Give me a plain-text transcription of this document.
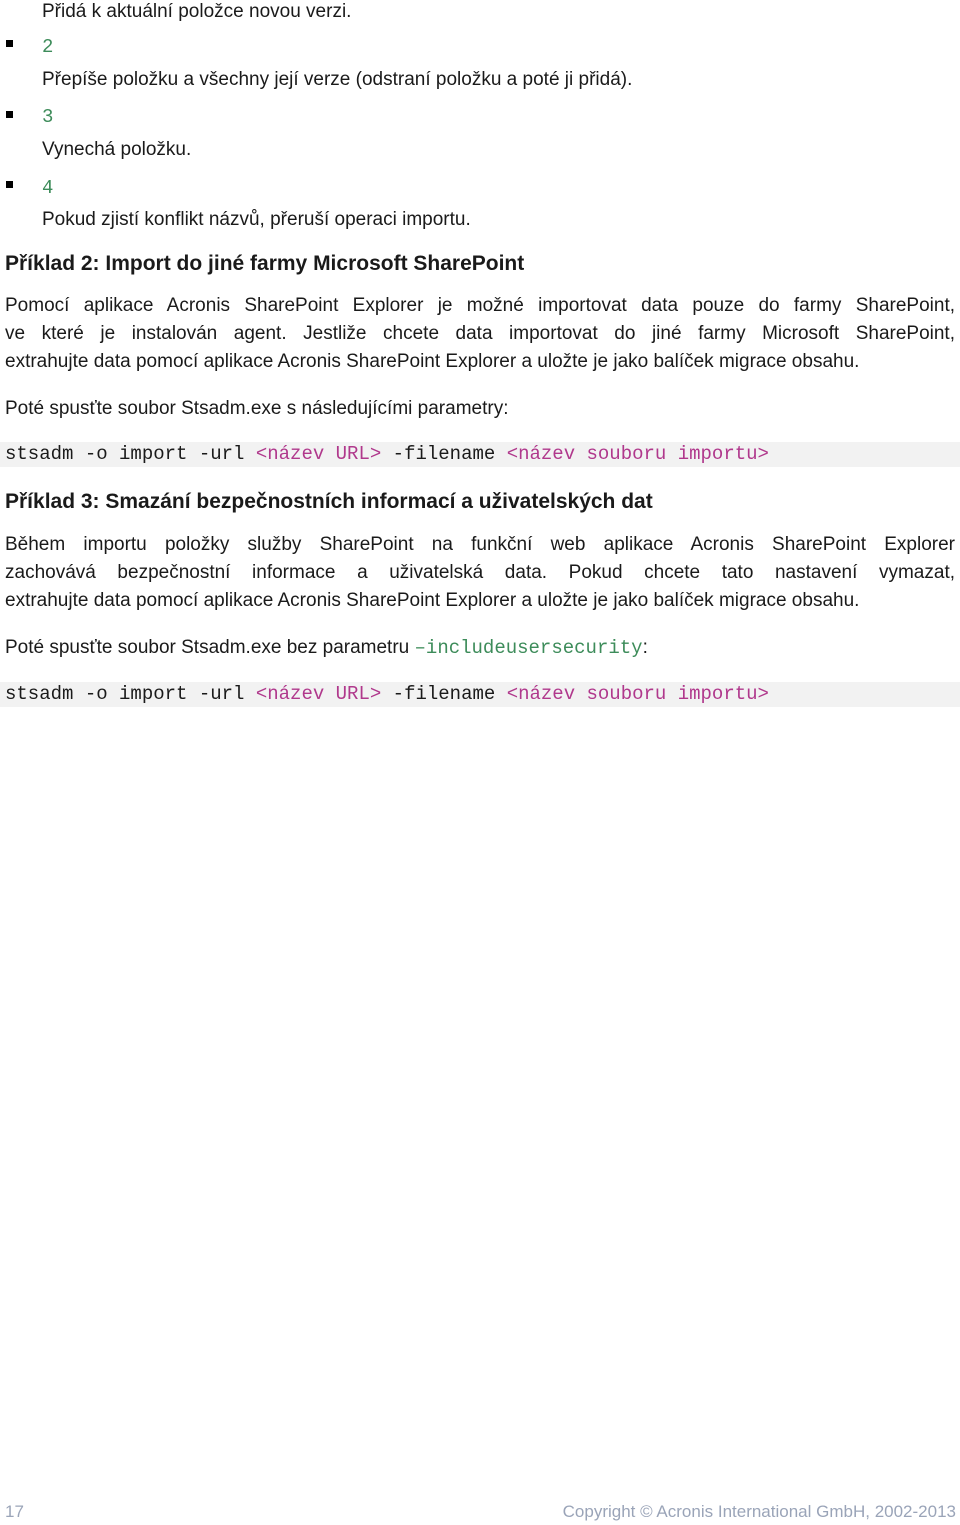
Přidá k aktuální položce novou verzi.
2
Přepíše položku a všechny její verze (odstraní položku a poté ji přidá).
3
Vynechá položku.
4
Pokud zjistí konflikt názvů, přeruší operaci importu.
Příklad 2: Import do jiné farmy Microsoft SharePoint
Pomocí aplikace Acronis SharePoint Explorer je možné importovat data pouze do farmy SharePoint,
ve které je instalován agent. Jestliže chcete data importovat do jiné farmy Microsoft SharePoint,
extrahujte data pomocí aplikace Acronis SharePoint Explorer a uložte je jako balíček migrace obsahu.
Poté spusťte soubor Stsadm.exe s následujícími parametry:
stsadm -o import -url <název URL> -filename <název souboru importu>
Příklad 3: Smazání bezpečnostních informací a uživatelských dat
Během importu položky služby SharePoint na funkční web aplikace Acronis SharePoint Explorer
zachovává bezpečnostní informace a uživatelská data. Pokud chcete tato nastavení vymazat,
extrahujte data pomocí aplikace Acronis SharePoint Explorer a uložte je jako balíček migrace obsahu.
Poté spusťte soubor Stsadm.exe bez parametru –includeusersecurity:
stsadm -o import -url <název URL> -filename <název souboru importu>
17	Copyright © Acronis International GmbH, 2002-2013
